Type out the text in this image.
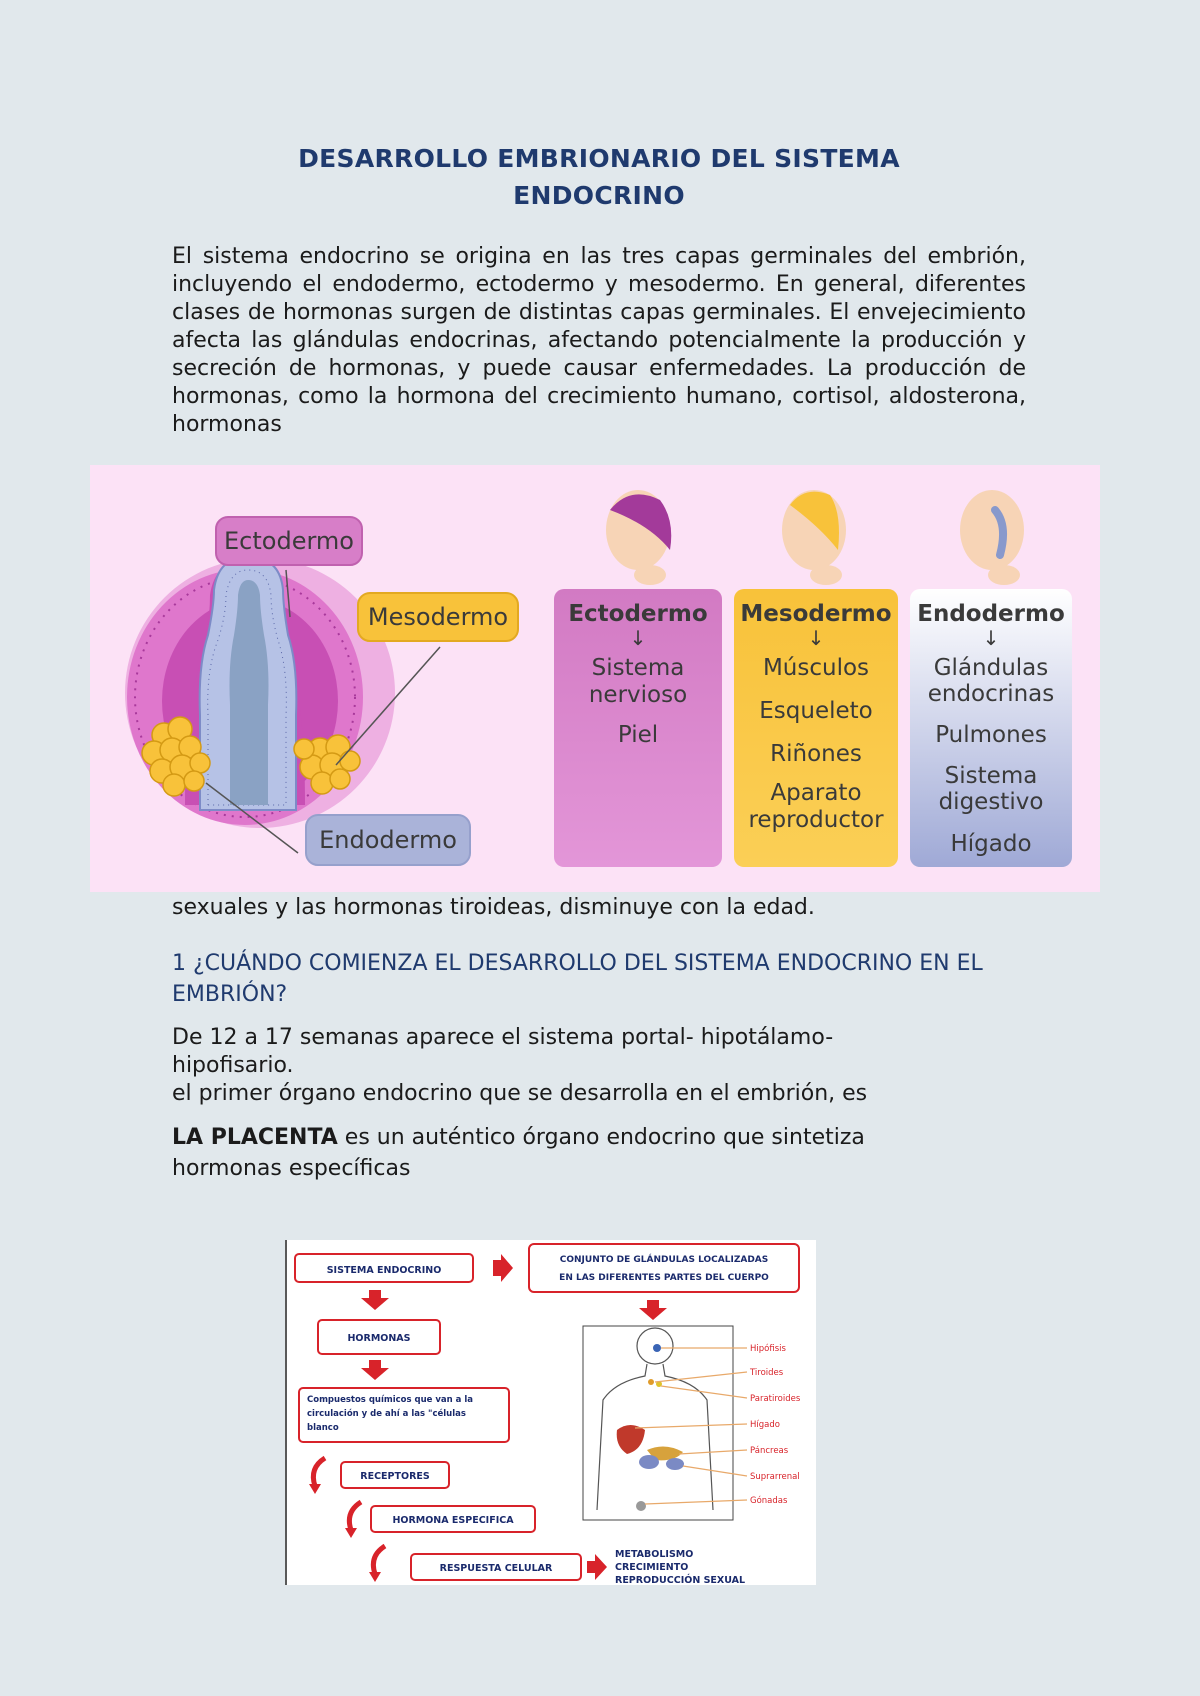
DESARROLLO EMBRIONARIO DEL SISTEMA
ENDOCRINO

El sistema endocrino se origina en las tres capas germinales del embrión, incluyendo el endodermo, ectodermo y mesodermo. En general, diferentes clases de hormonas surgen de distintas capas germinales. El envejecimiento afecta las glándulas endocrinas, afectando potencialmente la producción y secreción de hormonas, y puede causar enfermedades. La producción de hormonas, como la hormona del crecimiento humano, cortisol, aldosterona, hormonas

Ectodermo
Mesodermo
Endodermo
Ectodermo
↓
Sistema
nervioso
Piel
Mesodermo
↓
Músculos
Esqueleto
Riñones
Aparato
reproductor
Endodermo
↓
Glándulas
endocrinas
Pulmones
Sistema
digestivo
Hígado

sexuales y las hormonas tiroideas, disminuye con la edad.

1 ¿CUÁNDO COMIENZA EL DESARROLLO DEL SISTEMA ENDOCRINO EN EL EMBRIÓN?

De 12 a 17 semanas aparece el sistema portal- hipotálamo-hipofisario.

el primer órgano endocrino que se desarrolla en el embrión, es

LA PLACENTA es un auténtico órgano endocrino que sintetiza hormonas específicas

SISTEMA ENDOCRINO
CONJUNTO DE GLÁNDULAS LOCALIZADAS
EN LAS DIFERENTES PARTES DEL CUERPO
HORMONAS
Compuestos químicos que van a la
circulación y de ahí a las "células
blanco
RECEPTORES
HORMONA ESPECIFICA
RESPUESTA CELULAR
METABOLISMO
CRECIMIENTO
REPRODUCCIÓN SEXUAL
Hipófisis
Tiroides
Paratiroides
Hígado
Páncreas
Suprarrenal
Gónadas
